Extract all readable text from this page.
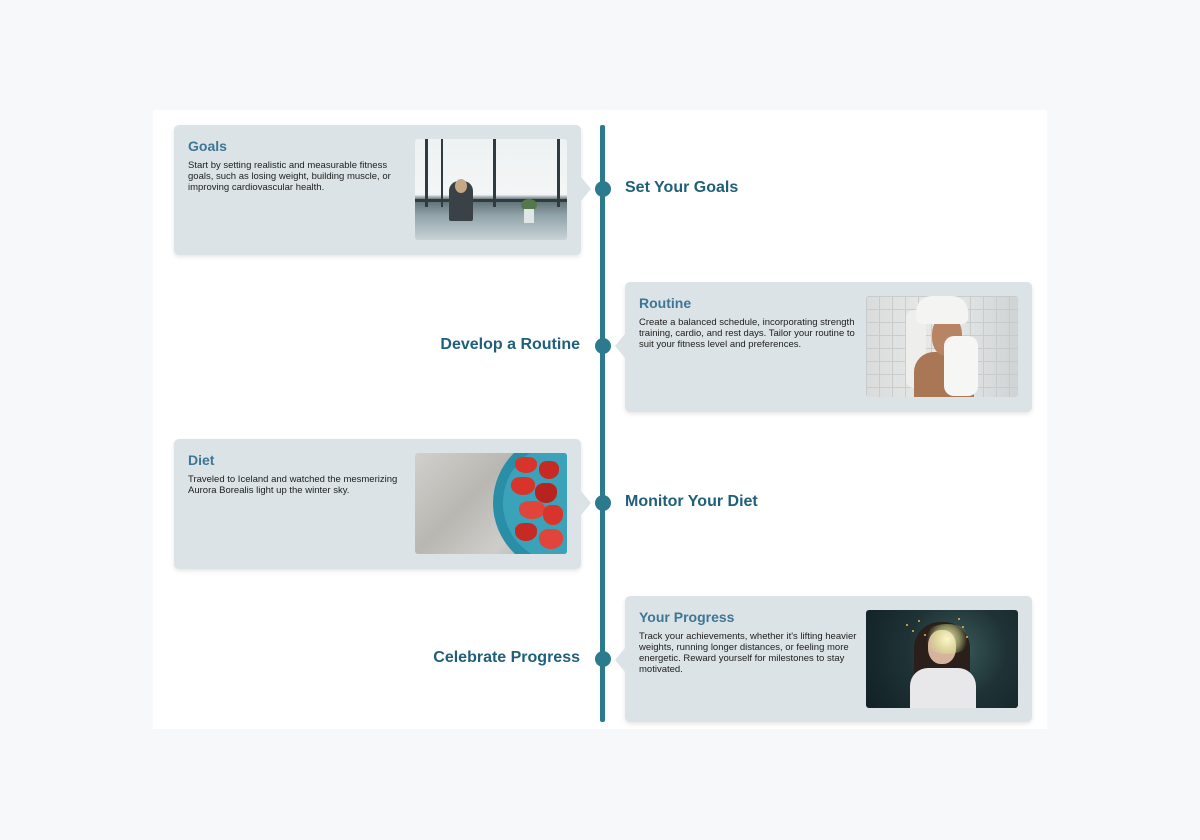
Goals
Start by setting realistic and measurable fitness goals, such as losing weight, building muscle, or improving cardiovascular health.	Set Your Goals
Routine
Create a balanced schedule, incorporating strength training, cardio, and rest days. Tailor your routine to suit your fitness level and preferences.
Develop a Routine
Diet
Traveled to Iceland and watched the mesmerizing Aurora Borealis light up the winter sky.
Monitor Your Diet
Your Progress
Track your achievements, whether it's lifting heavier weights, running longer distances, or feeling more energetic. Reward yourself for milestones to stay motivated.
Celebrate Progress
